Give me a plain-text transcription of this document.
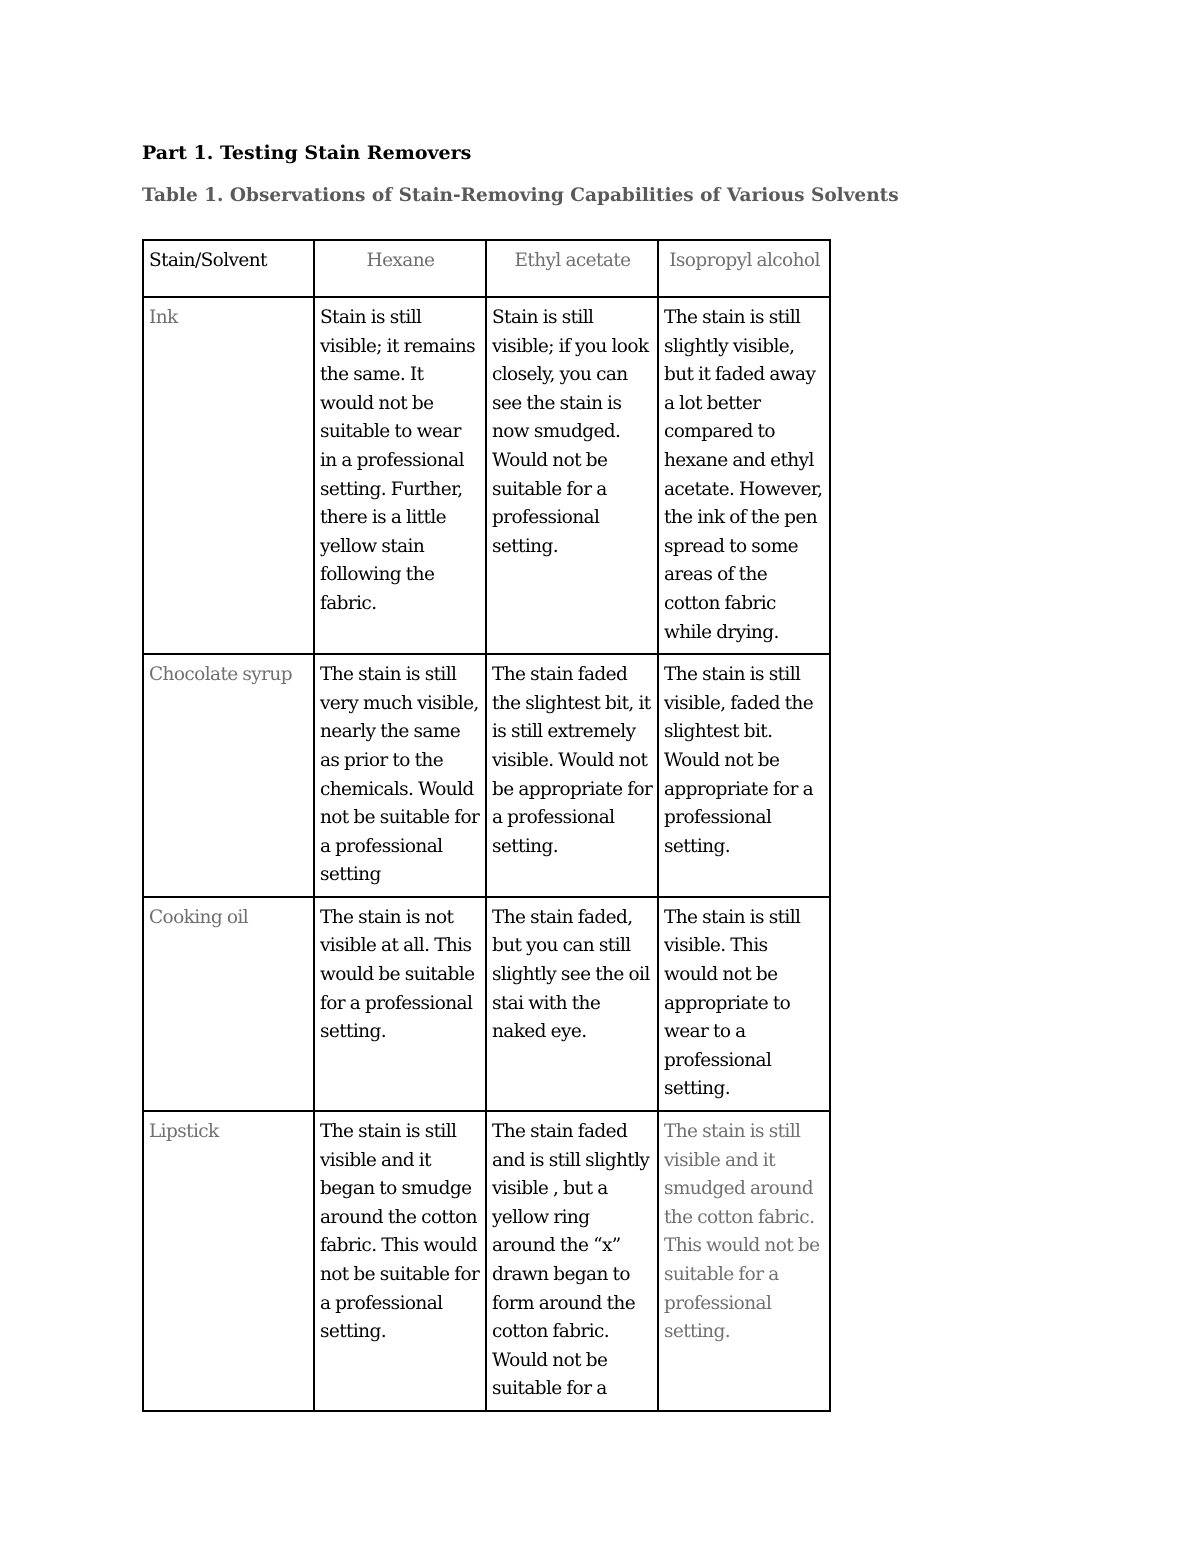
Part 1. Testing Stain Removers

Table 1. Observations of Stain-Removing Capabilities of Various Solvents

Stain/Solvent	Hexane	Ethyl acetate	Isopropyl alcohol
Ink	Stain is still visible; it remains the same. It would not be suitable to wear in a professional setting. Further, there is a little yellow stain following the fabric.	Stain is still visible; if you look closely, you can see the stain is now smudged. Would not be suitable for a professional setting.	The stain is still slightly visible, but it faded away a lot better compared to hexane and ethyl acetate. However, the ink of the pen spread to some areas of the cotton fabric while drying.
Chocolate syrup	The stain is still very much visible, nearly the same as prior to the chemicals. Would not be suitable for a professional setting	The stain faded the slightest bit, it is still extremely visible. Would not be appropriate for a professional setting.	The stain is still visible, faded the slightest bit. Would not be appropriate for a professional setting.
Cooking oil	The stain is not visible at all. This would be suitable for a professional setting.	The stain faded, but you can still slightly see the oil stai with the naked eye.	The stain is still visible. This would not be appropriate to wear to a professional setting.
Lipstick	The stain is still visible and it began to smudge around the cotton fabric. This would not be suitable for a professional setting.	The stain faded and is still slightly visible , but a yellow ring around the “x” drawn began to form around the cotton fabric. Would not be suitable for a	The stain is still visible and it smudged around the cotton fabric. This would not be suitable for a professional setting.
